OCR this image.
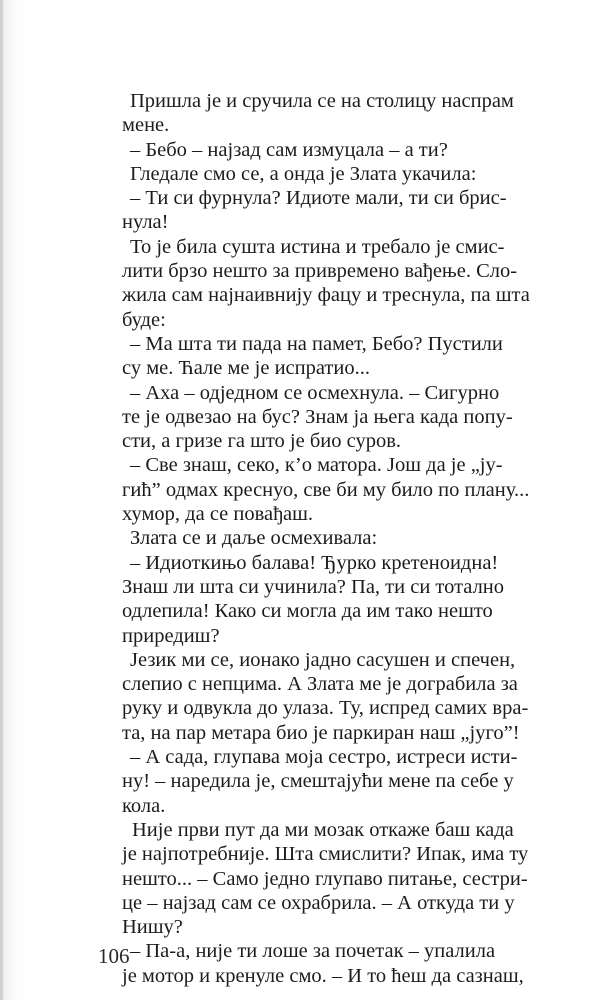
Пришла је и сручила се на столицу наспрам
мене.
– Бебо – најзад сам измуцала – а ти?
Гледале смо се, а онда је Злата укачила:
– Ти си фурнула? Идиоте мали, ти си брис-
нула!
То је била сушта истина и требало је смис-
лити брзо нешто за привремено вађење. Сло-
жила сам најнаивнију фацу и треснула, па шта
буде:
– Ма шта ти пада на памет, Бебо? Пустили
су ме. Ћале ме је испратио...
– Аха – одједном се осмехнула. – Сигурно
те је одвезао на бус? Знам ја њега када попу-
сти, а гризе га што је био суров.
– Све знаш, секо, к’о матора. Још да је „ју-
гић” одмах креснуо, све би му било по плану...
хумор, да се повађаш.
Злата се и даље осмехивала:
– Идиоткињо балава! Ђурко кретеноидна!
Знаш ли шта си учинила? Па, ти си тотално
одлепила! Како си могла да им тако нешто
приредиш?
Језик ми се, ионако јадно сасушен и спечен,
слепио с непцима. А Злата ме је дограбила за
руку и одвукла до улаза. Ту, испред самих вра-
та, на пар метара био је паркиран наш „југо”!
– А сада, глупава моја сестро, истреси исти-
ну! – наредила је, смештајући мене па себе у
кола.
Није први пут да ми мозак откаже баш када
је најпотребније. Шта смислити? Ипак, има ту
нешто... – Само једно глупаво питање, сестри-
це – најзад сам се охрабрила. – А откуда ти у
Нишу?
– Па-а, није ти лоше за почетак – упалила
је мотор и кренуле смо. – И то ћеш да сазнаш,
106
